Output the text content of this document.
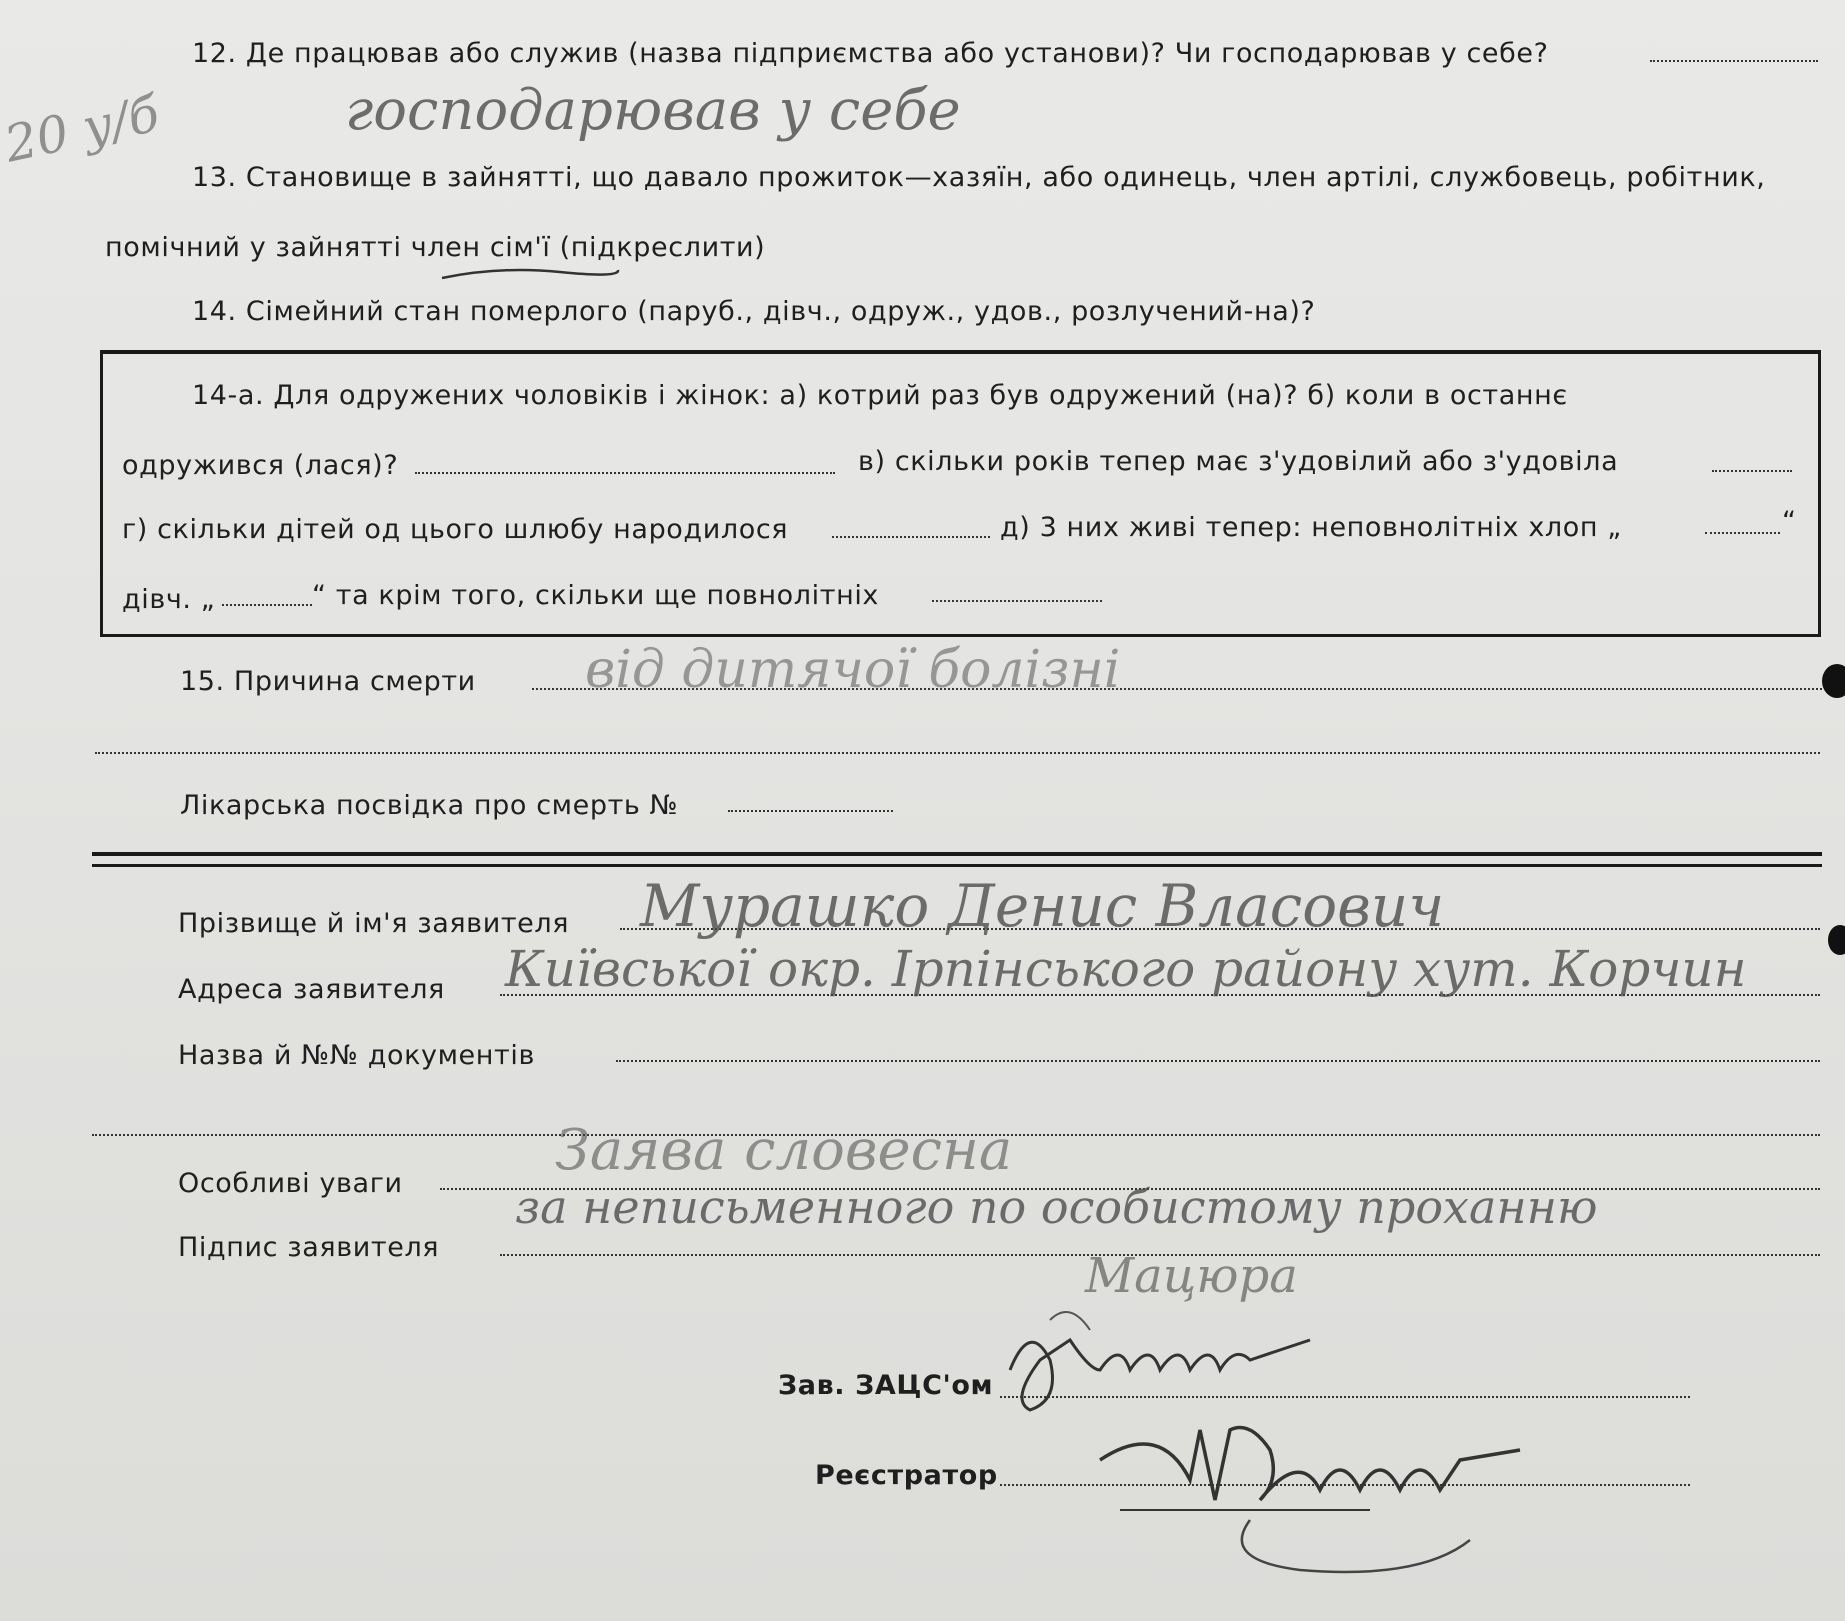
12. Де працював або служив (назва підприємства або установи)? Чи господарював у себе?
господарював у себе
20 у/б
13. Становище в зайнятті, що давало прожиток—хазяїн, або одинець, член артілі, службовець, робітник,
помічний у зайнятті член сім'ї (підкреслити)
14. Сімейний стан померлого (паруб., дівч., одруж., удов., розлучений-на)?
14-а. Для одружених чоловіків і жінок: а) котрий раз був одружений (на)? б) коли в останнє
одружився (лася)?	в) скільки років тепер має з'удовілий або з'удовіла
г) скільки дітей од цього шлюбу народилося	д) 3 них живі тепер: неповнолітніх хлоп „	“
дівч. „	“ та крім того, скільки ще повнолітніх
15. Причина смерти від дитячої болізні
Лікарська посвідка про смерть №
Прізвище й ім'я заявителя Мурашко Денис Власович
Адреса заявителя Київської окр. Ірпінського району хут. Корчин
Назва й №№ документів
Заява словесна
Особливі уваги за неписьменного по особистому проханню
Підпис заявителя
Мацюра
Зав. ЗАЦС'ом
Реєстратор
